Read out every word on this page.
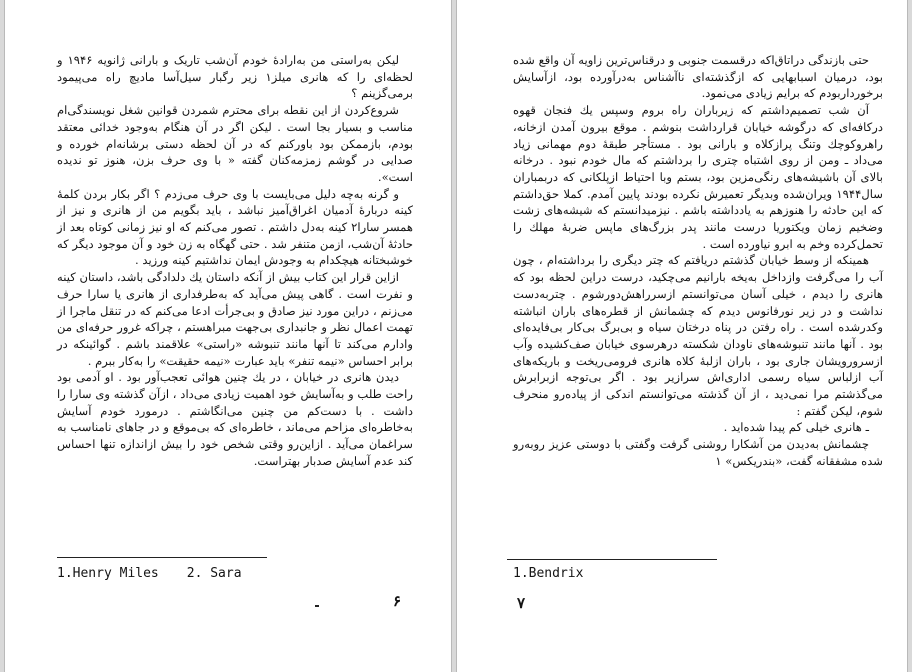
لیکن به‌راستی من به‌ارادهٔ خودم آن‌شب تاریک و بارانی ژانویه ۱۹۴۶ و لحظه‌ای را که هانری میلز۱ زیر رگبار سیل‌آسا مادیچ راه می‌پیمود برمی‌گزینم ؟

شروع‌کردن از این نقطه برای محترم شمردن قوانین شغل نویسندگی‌ام مناسب و بسیار بجا است . لیکن اگر در آن هنگام به‌وجود خدائی معتقد بودم، بازممکن بود باورکنم که در آن لحظه دستی برشانه‌ام خورده و صدایی در گوشم زمزمه‌کنان گفته « با وی حرف بزن، هنوز تو ندیده است».

و گرنه به‌چه دلیل می‌بایست با وی حرف می‌زدم ؟ اگر بکار بردن کلمهٔ کینه دربارهٔ آدمیان اغراق‌آمیز نباشد ، باید بگویم من از هانری و نیز از همسر سارا۲ کینه به‌دل داشتم . تصور می‌کنم که او نیز زمانی کوتاه بعد از حادثهٔ آن‌شب، ازمن متنفر شد . حتی گهگاه به زن خود و آن موجود دیگر که خوشبختانه هیچکدام به وجودش ایمان نداشتیم کینه ورزید .

ازاین قرار این کتاب بیش از آنکه داستان یك دلدادگی باشد، داستان کینه و نفرت است . گاهی پیش می‌آید که به‌طرفداری از هانری یا سارا حرف می‌زنم ، دراین مورد نیز صادق و بی‌جرأت ادعا می‌کنم که در تنقل ماجرا از تهمت اعمال نظر و جانبداری بی‌جهت مبراهستم ، چراکه غرور حرفه‌ای من وادارم می‌کند تا آنها مانند تنبوشه «راستی» علاقمند باشم . گوائینکه در برابر احساس «نیمه تنفر» باید عبارت «نیمه حقیقت» را به‌کار ببرم .

دیدن هانری در خیابان ، در یك چنین هوائی تعجب‌آور بود . او آدمی بود راحت طلب و به‌آسایش خود اهمیت زیادی می‌داد ، ازآن گذشته وی سارا را داشت . با دست‌کم من چنین می‌انگاشتم . درمورد خودم آسایش به‌خاطره‌ای مزاحم می‌ماند ، خاطره‌ای که بی‌موقع و در جاهای نامناسب به سراغمان می‌آید . ازاین‌رو وقتی شخص خود را بیش ازاندازه تنها احساس کند عدم آسایش صدبار بهتراست.

1.Henry Miles 2. Sara
۶

حتی بازندگی دراتاق‌اکه درقسمت جنوبی و درقناس‌ترین زاویه آن واقع شده بود، درمیان اسبابهایی که ازگذشته‌ای ناآشناس به‌درآورده بود، ازآسایش برخورداربودم که برایم زیادی می‌نمود.

آن شب تصمیم‌داشتم که زیرباران راه بروم وسپس یك فنجان قهوه درکافه‌ای که درگوشه خیابان قرارداشت بنوشم . موقع بیرون آمدن ازخانه، راهروکوچك وتنگ پرازکلاه و بارانی بود . مستأجر طبقهٔ دوم مهمانی زیاد می‌داد ـ ومن از روی اشتباه چتری را برداشتم که مال خودم نبود . درخانه بالای آن باشیشه‌های رنگی‌مزین بود، بستم وبا احتیاط ازپلکانی که دربمباران سال۱۹۴۴ ویران‌شده وبدیگر تعمیرش نکرده بودند پایین آمدم. کملا حق‌داشتم که این حادثه را هنوزهم به یادداشته باشم . نیزمیدانستم که شیشه‌های زشت وضخیم زمان ویکتوریا درست مانند پدر بزرگ‌های ماپس ضربهٔ مهلك را تحمل‌کرده وخم به ابرو نیاورده است .

همینکه از وسط خیابان گذشتم دریافتم که چتر دیگری را برداشته‌ام ، چون آب را می‌گرفت وازداخل به‌یخه بارانیم می‌چکید، درست دراین لحظه بود که هانری را دیدم ، خیلی آسان می‌توانستم ازسرراهش‌دورشوم . چتربه‌دست نداشت و در زیر نورفانوس دیدم که چشمانش از قطره‌های باران انباشته وکدرشده است . راه رفتن در پناه درختان سیاه و بی‌برگ بی‌کار بی‌فایده‌ای بود . آنها مانند تنبوشه‌های ناودان شکسته درهرسوی خیابان صف‌کشیده وآب ازسرورویشان جاری بود ، باران ازلبهٔ کلاه هانری فرومی‌ریخت و باریکه‌های آب ازلباس سیاه رسمی اداری‌اش سرازیر بود . اگر بی‌توجه ازبرابرش می‌گذشتم مرا نمی‌دید ، از آن گذشته می‌توانستم اندکی از پیاده‌رو منحرف شوم، لیکن گفتم :

ـ هانری خیلی کم پیدا شده‌اید .

چشمانش به‌دیدن من آشکارا روشنی گرفت وگفتی با دوستی عزیز روبه‌رو شده مشفقانه گفت، «بندریکس» ۱

1.Bendrix
۷
